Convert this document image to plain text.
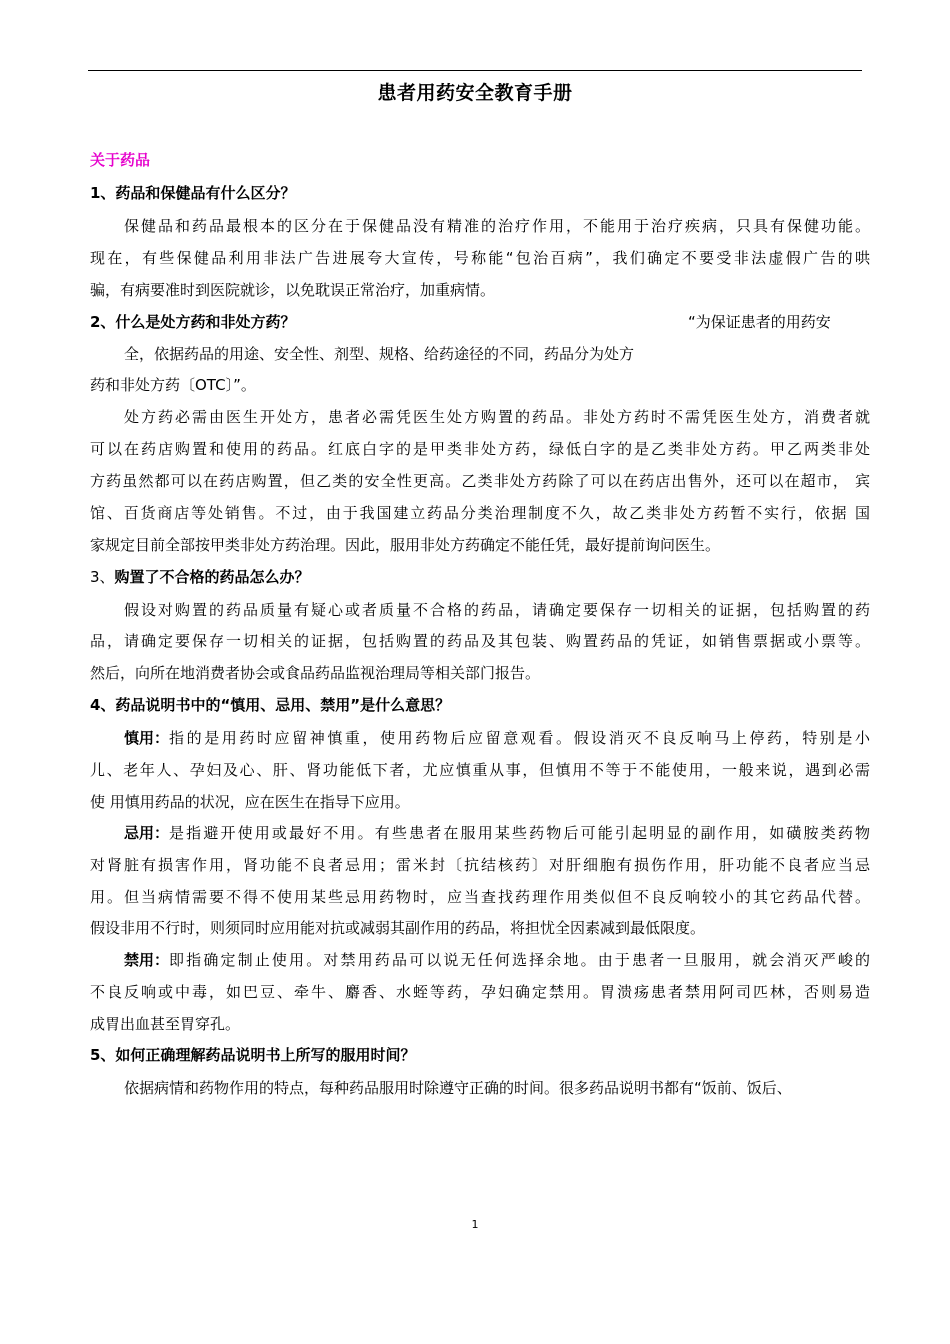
患者用药安全教育手册
关于药品
1、药品和保健品有什么区分？
保健品和药品最根本的区分在于保健品没有精准的治疗作用，不能用于治疗疾病，只具有保健功能。
现在，有些保健品利用非法广告进展夸大宣传，号称能“包治百病”，我们确定不要受非法虚假广告的哄
骗，有病要准时到医院就诊，以免耽误正常治疗，加重病情。
2、什么是处方药和非处方药？	“为保证患者的用药安
全，依据药品的用途、安全性、剂型、规格、给药途径的不同，药品分为处方
药和非处方药〔OTC〕”。
处方药必需由医生开处方，患者必需凭医生处方购置的药品。非处方药时不需凭医生处方，消费者就
可以在药店购置和使用的药品。红底白字的是甲类非处方药，绿低白字的是乙类非处方药。甲乙两类非处
方药虽然都可以在药店购置，但乙类的安全性更高。乙类非处方药除了可以在药店出售外，还可以在超市， 宾
馆、百货商店等处销售。不过，由于我国建立药品分类治理制度不久，故乙类非处方药暂不实行，依据 国
家规定目前全部按甲类非处方药治理。因此，服用非处方药确定不能任凭，最好提前询问医生。
3、购置了不合格的药品怎么办？
假设对购置的药品质量有疑心或者质量不合格的药品，请确定要保存一切相关的证据，包括购置的药
品，请确定要保存一切相关的证据，包括购置的药品及其包装、购置药品的凭证，如销售票据或小票等。
然后，向所在地消费者协会或食品药品监视治理局等相关部门报告。
4、药品说明书中的“慎用、忌用、禁用”是什么意思？
慎用： 指的是用药时应留神慎重，使用药物后应留意观看。假设消灭不良反响马上停药，特别是小
儿、老年人、孕妇及心、肝、肾功能低下者，尤应慎重从事，但慎用不等于不能使用，一般来说，遇到必需
使 用慎用药品的状况，应在医生在指导下应用。
忌用： 是指避开使用或最好不用。有些患者在服用某些药物后可能引起明显的副作用，如磺胺类药物
对肾脏有损害作用，肾功能不良者忌用；雷米封〔抗结核药〕对肝细胞有损伤作用，肝功能不良者应当忌
用。但当病情需要不得不使用某些忌用药物时，应当查找药理作用类似但不良反响较小的其它药品代替。
假设非用不行时，则须同时应用能对抗或减弱其副作用的药品，将担忧全因素减到最低限度。
禁用： 即指确定制止使用。对禁用药品可以说无任何选择余地。由于患者一旦服用，就会消灭严峻的
不良反响或中毒，如巴豆、牵牛、麝香、水蛭等药，孕妇确定禁用。胃溃疡患者禁用阿司匹林，否则易造
成胃出血甚至胃穿孔。
5、如何正确理解药品说明书上所写的服用时间？
依据病情和药物作用的特点，每种药品服用时除遵守正确的时间。很多药品说明书都有“饭前、饭后、
1
